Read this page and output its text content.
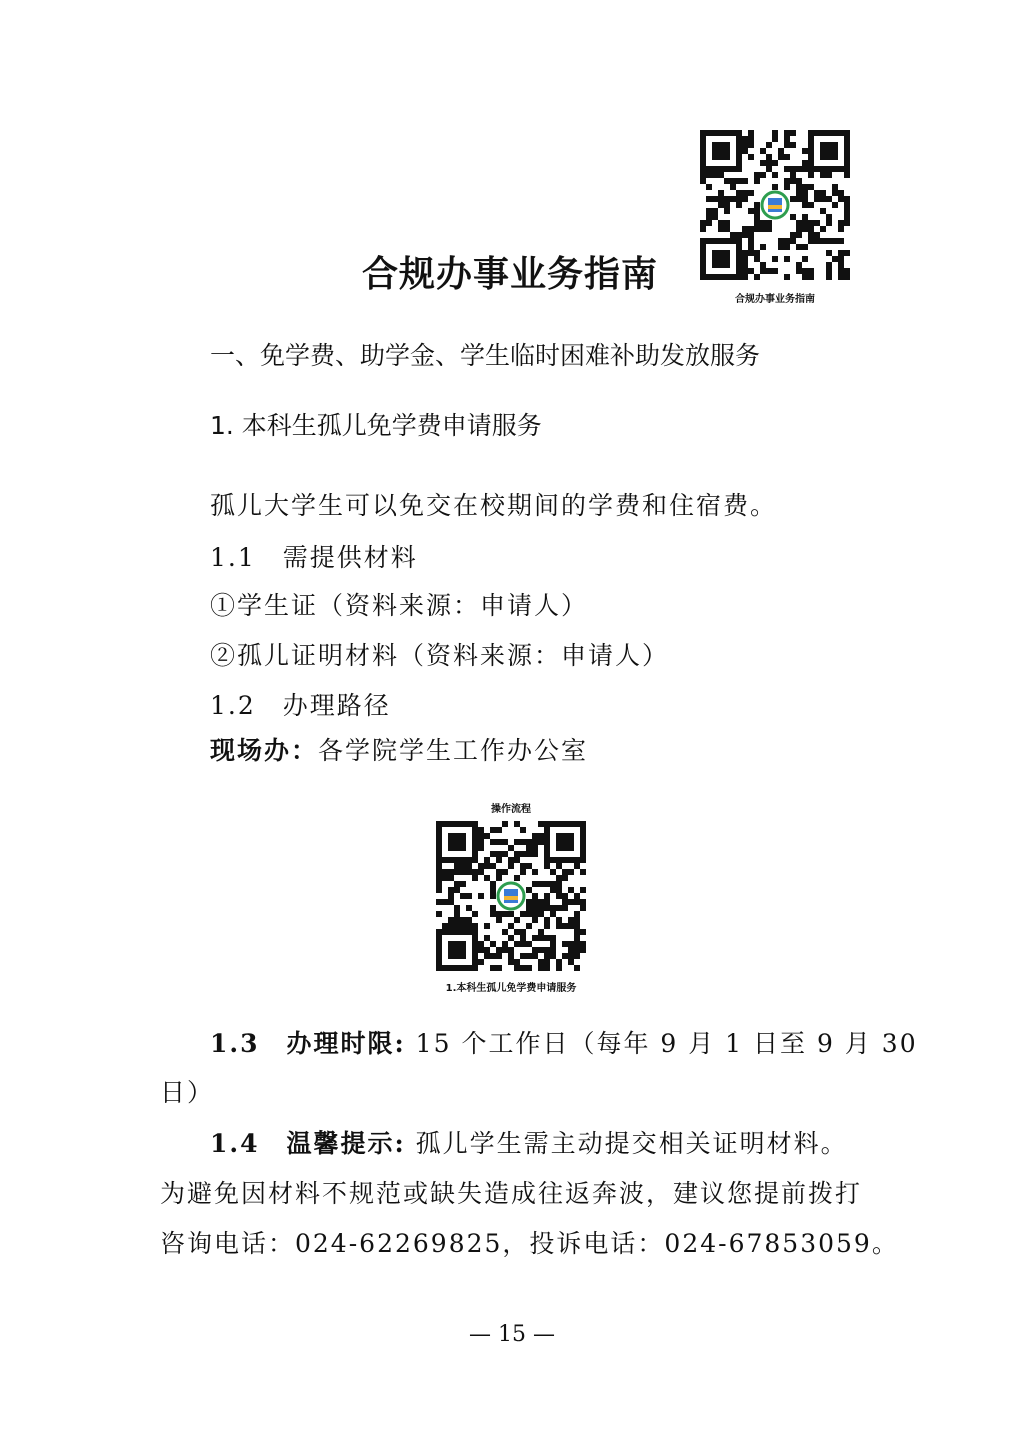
合规办事业务指南
合规办事业务指南
一、免学费、助学金、学生临时困难补助发放服务
1. 本科生孤儿免学费申请服务
孤儿大学生可以免交在校期间的学费和住宿费。
1.1　需提供材料
①学生证（资料来源：申请人）
②孤儿证明材料（资料来源：申请人）
1.2　办理路径
现场办：各学院学生工作办公室
操作流程
1.本科生孤儿免学费申请服务
1.3　办理时限: 15 个工作日（每年 9 月 1 日至 9 月 30
日）
1.4　温馨提示: 孤儿学生需主动提交相关证明材料。
为避免因材料不规范或缺失造成往返奔波，建议您提前拨打
咨询电话：024-62269825，投诉电话：024-67853059。
— 15 —
